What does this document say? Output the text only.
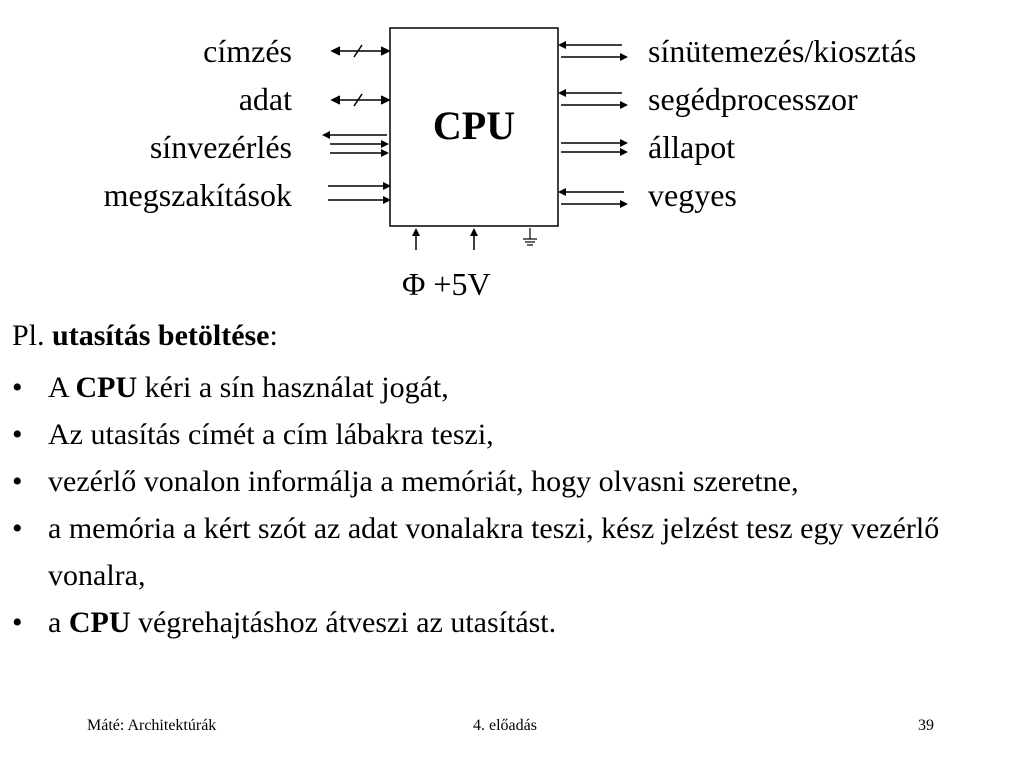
CPU
címzés
adat
sínvezérlés
megszakítások
sínütemezés/kiosztás
segédprocesszor
állapot
vegyes
Φ +5V
Pl. utasítás betöltése:
• A CPU kéri a sín használat jogát,
• Az utasítás címét a cím lábakra teszi,
• vezérlő vonalon informálja a memóriát, hogy olvasni szeretne,
• a memória a kért szót az adat vonalakra teszi, kész jelzést tesz egy vezérlő vonalra,
• a CPU végrehajtáshoz átveszi az utasítást.
Máté: Architektúrák	4. előadás	39
